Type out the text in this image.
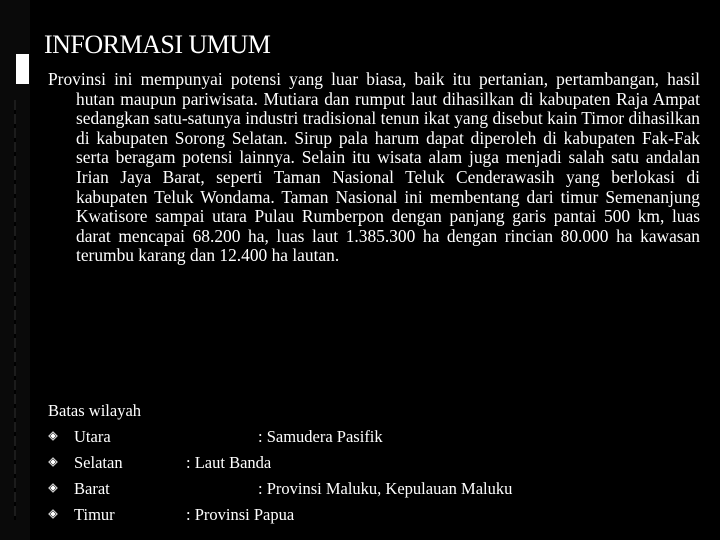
INFORMASI UMUM

Provinsi ini mempunyai potensi yang luar biasa, baik itu pertanian, pertambangan, hasil hutan maupun pariwisata. Mutiara dan rumput laut dihasilkan di kabupaten Raja Ampat sedangkan satu-satunya industri tradisional tenun ikat yang disebut kain Timor dihasilkan di kabupaten Sorong Selatan. Sirup pala harum dapat diperoleh di kabupaten Fak-Fak serta beragam potensi lainnya. Selain itu wisata alam juga menjadi salah satu andalan Irian Jaya Barat, seperti Taman Nasional Teluk Cenderawasih yang berlokasi di kabupaten Teluk Wondama. Taman Nasional ini membentang dari timur Semenanjung Kwatisore sampai utara Pulau Rumberpon dengan panjang garis pantai 500 km, luas darat mencapai 68.200 ha, luas laut 1.385.300 ha dengan rincian 80.000 ha kawasan terumbu karang dan 12.400 ha lautan.

Batas wilayah

Utara	: Samudera Pasifik
Selatan	: Laut Banda
Barat	: Provinsi Maluku, Kepulauan Maluku
Timur	: Provinsi Papua
